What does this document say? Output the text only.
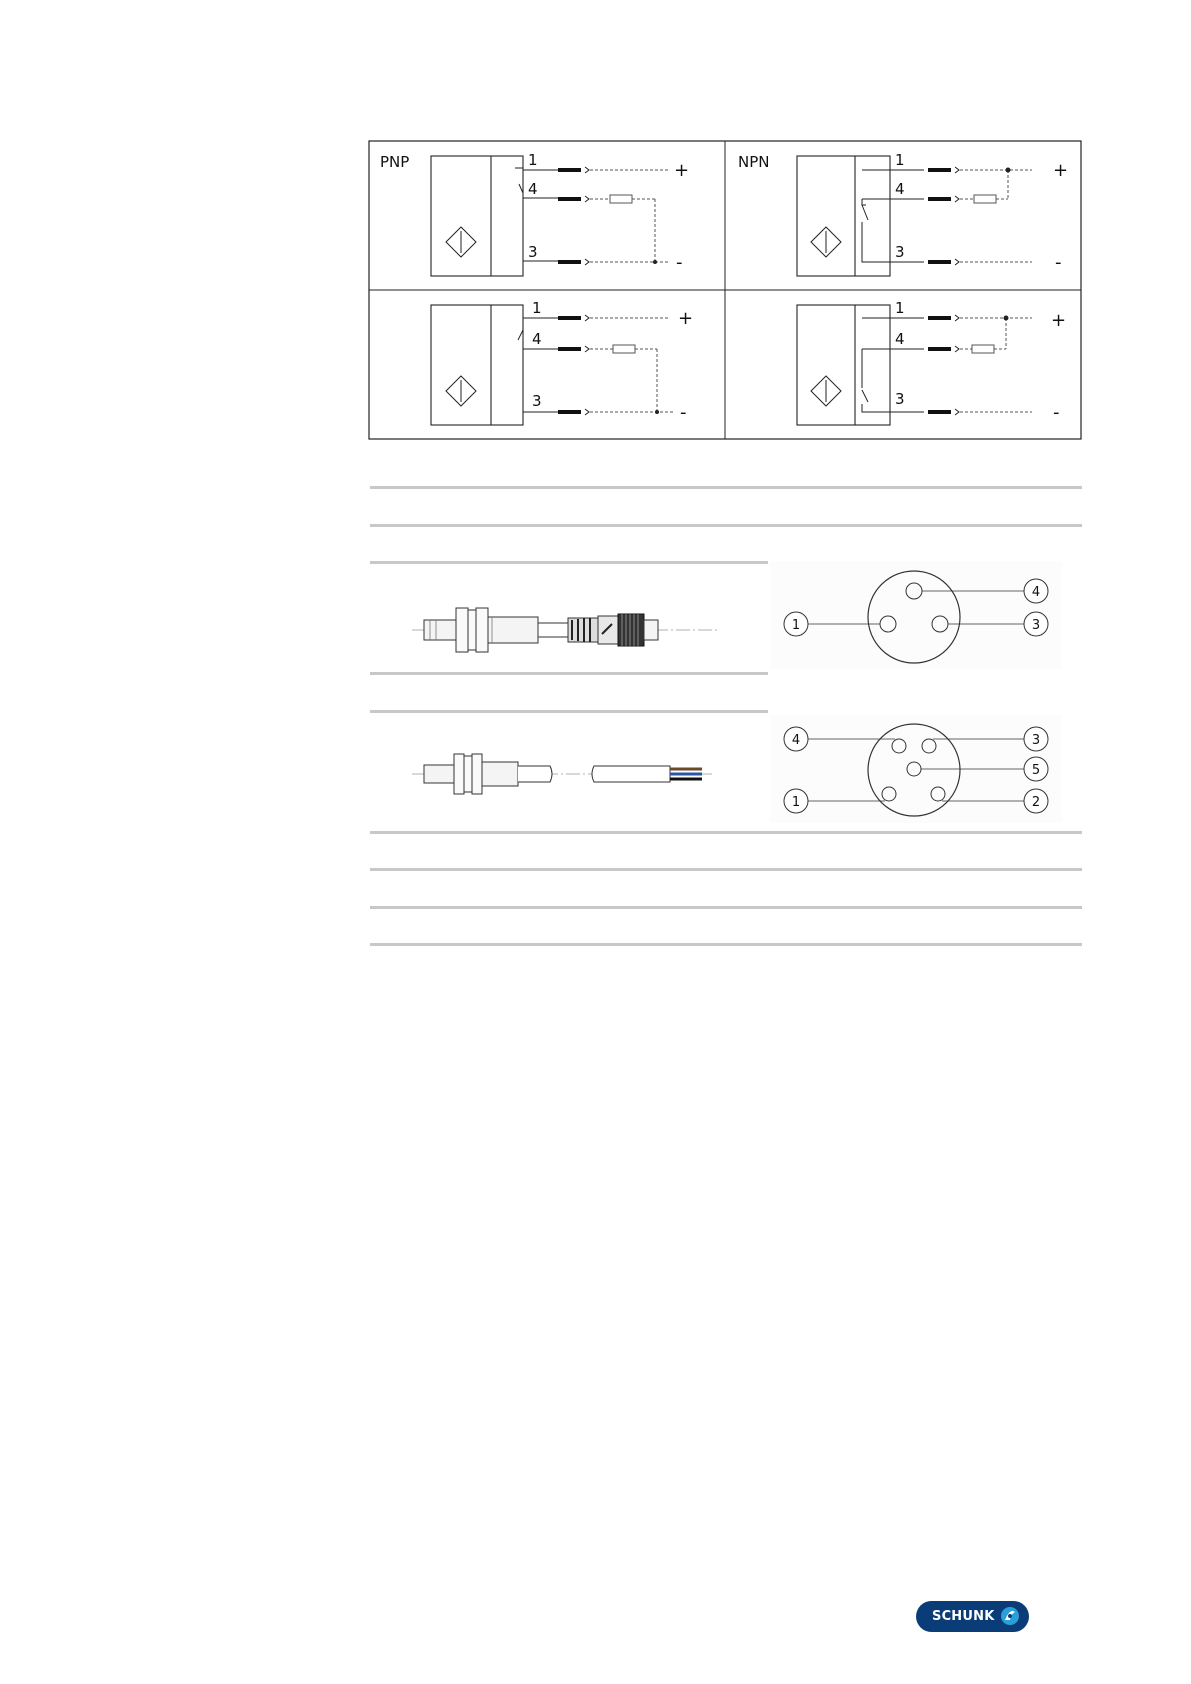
PNP	1
4
3
+
-
NPN	1
4
3
+
-
1
4
3
+
-
1
4
3
+
-
4
1	3
4	3
5
1	2
SCHUNK
